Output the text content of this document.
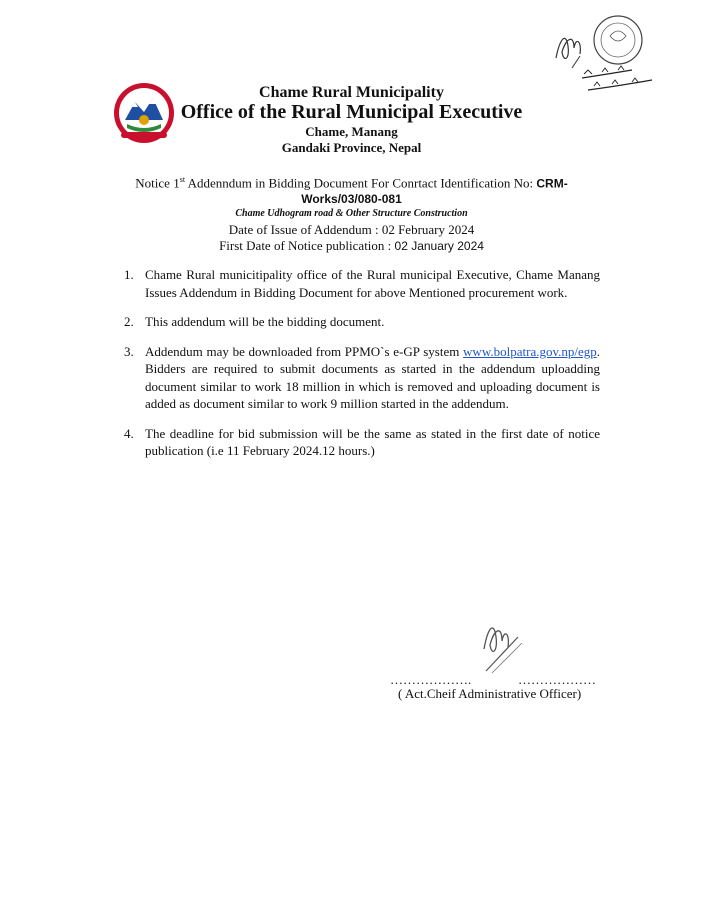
Chame Rural Municipality
Office of the Rural Municipal Executive
Chame, Manang
Gandaki Province, Nepal
Notice 1st Addenndum in Bidding Document For Conrtact Identification No: CRM-
Works/03/080-081
Chame Udhogram road & Other Structure Construction
Date of Issue of Addendum : 02 February 2024
First Date of Notice publication : 02 January 2024
1. Chame Rural municitipality office of the Rural municipal Executive, Chame Manang Issues Addendum in Bidding Document for above Mentioned procurement work.
2. This addendum will be the bidding document.
3. Addendum may be downloaded from PPMO`s e-GP system www.bolpatra.gov.np/egp. Bidders are required to submit documents as started in the addendum uploadding document similar to work 18 million in which is removed and uploading document is added as document similar to work 9 million started in the addendum.
4. The deadline for bid submission will be the same as stated in the first date of notice publication (i.e 11 February 2024.12 hours.)
……………….	………………
( Act.Cheif Administrative Officer)
